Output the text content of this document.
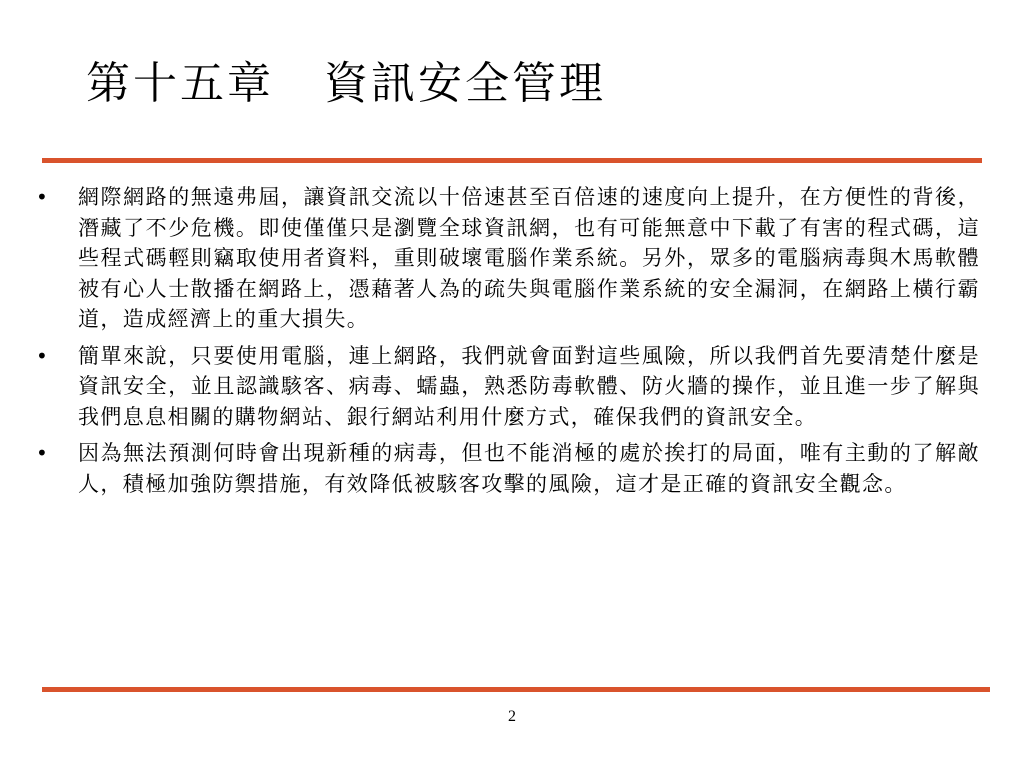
第十五章 資訊安全管理
• 網際網路的無遠弗屆，讓資訊交流以十倍速甚至百倍速的速度向上提升，在方便性的背後，潛藏了不少危機。即使僅僅只是瀏覽全球資訊網，也有可能無意中下載了有害的程式碼，這些程式碼輕則竊取使用者資料，重則破壞電腦作業系統。另外，眾多的電腦病毒與木馬軟體被有心人士散播在網路上，憑藉著人為的疏失與電腦作業系統的安全漏洞，在網路上橫行霸道，造成經濟上的重大損失。
• 簡單來說，只要使用電腦，連上網路，我們就會面對這些風險，所以我們首先要清楚什麼是資訊安全，並且認識駭客、病毒、蠕蟲，熟悉防毒軟體、防火牆的操作，並且進一步了解與我們息息相關的購物網站、銀行網站利用什麼方式，確保我們的資訊安全。
• 因為無法預測何時會出現新種的病毒，但也不能消極的處於挨打的局面，唯有主動的了解敵人，積極加強防禦措施，有效降低被駭客攻擊的風險，這才是正確的資訊安全觀念。
2
